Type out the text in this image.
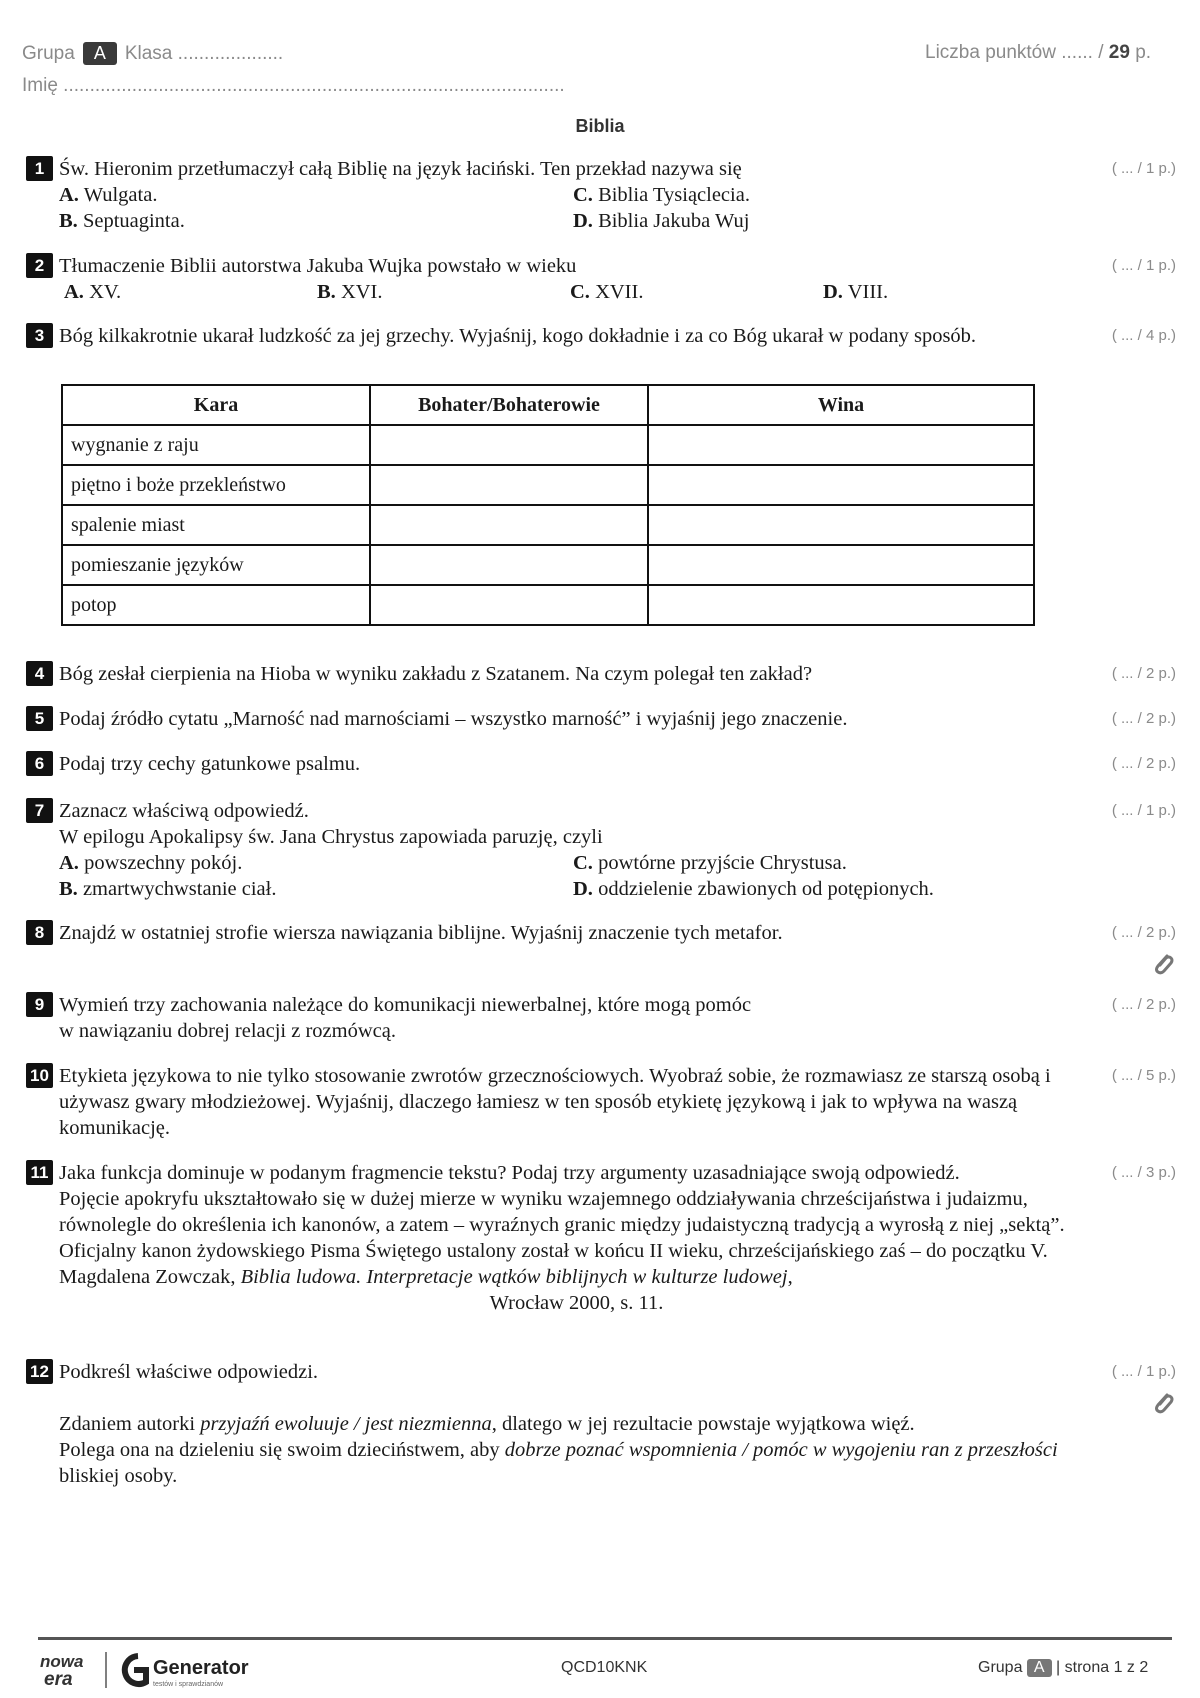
Grupa A Klasa ....................	Liczba punktów ...... / 29 p.
Imię ...............................................................................................
Biblia
1	( ... / 1 p.)
Św. Hieronim przetłumaczył całą Biblię na język łaciński. Ten przekład nazywa się
A. Wulgata.	C. Biblia Tysiąclecia.
B. Septuaginta.	D. Biblia Jakuba Wuj
2	( ... / 1 p.)
Tłumaczenie Biblii autorstwa Jakuba Wujka powstało w wieku
A. XV.	B. XVI.	C. XVII.	D. VIII.
3	( ... / 4 p.)
Bóg kilkakrotnie ukarał ludzkość za jej grzechy. Wyjaśnij, kogo dokładnie i za co Bóg ukarał w podany sposób.
Kara	Bohater/Bohaterowie	Wina
wygnanie z raju		
piętno i boże przekleństwo		
spalenie miast		
pomieszanie języków		
potop		
4	( ... / 2 p.)
Bóg zesłał cierpienia na Hioba w wyniku zakładu z Szatanem. Na czym polegał ten zakład?
5	( ... / 2 p.)
Podaj źródło cytatu „Marność nad marnościami – wszystko marność” i wyjaśnij jego znaczenie.
6	( ... / 2 p.)
Podaj trzy cechy gatunkowe psalmu.
7	( ... / 1 p.)
Zaznacz właściwą odpowiedź.
W epilogu Apokalipsy św. Jana Chrystus zapowiada paruzję, czyli
A. powszechny pokój.	C. powtórne przyjście Chrystusa.
B. zmartwychwstanie ciał.	D. oddzielenie zbawionych od potępionych.
8	( ... / 2 p.)
Znajdź w ostatniej strofie wiersza nawiązania biblijne. Wyjaśnij znaczenie tych metafor.
9	( ... / 2 p.)
Wymień trzy zachowania należące do komunikacji niewerbalnej, które mogą pomóc
w nawiązaniu dobrej relacji z rozmówcą.
10	( ... / 5 p.)
Etykieta językowa to nie tylko stosowanie zwrotów grzecznościowych. Wyobraź sobie, że rozmawiasz ze starszą osobą i używasz gwary młodzieżowej. Wyjaśnij, dlaczego łamiesz w ten sposób etykietę językową i jak to wpływa na waszą komunikację.
11	( ... / 3 p.)
Jaka funkcja dominuje w podanym fragmencie tekstu? Podaj trzy argumenty uzasadniające swoją odpowiedź.
Pojęcie apokryfu ukształtowało się w dużej mierze w wyniku wzajemnego oddziaływania chrześcijaństwa i judaizmu, równolegle do określenia ich kanonów, a zatem – wyraźnych granic między judaistyczną tradycją a wyrosłą z niej „sektą”. Oficjalny kanon żydowskiego Pisma Świętego ustalony został w końcu II wieku, chrześcijańskiego zaś – do początku V.
Magdalena Zowczak, Biblia ludowa. Interpretacje wątków biblijnych w kulturze ludowej,
Wrocław 2000, s. 11.
12	( ... / 1 p.)
Podkreśl właściwe odpowiedzi.
Zdaniem autorki przyjaźń ewoluuje / jest niezmienna, dlatego w jej rezultacie powstaje wyjątkowa więź.
Polega ona na dzieleniu się swoim dzieciństwem, aby dobrze poznać wspomnienia / pomóc w wygojeniu ran z przeszłości bliskiej osoby.
nowa
era
Generator
testów i sprawdzianów
QCD10KNK	Grupa A | strona 1 z 2
